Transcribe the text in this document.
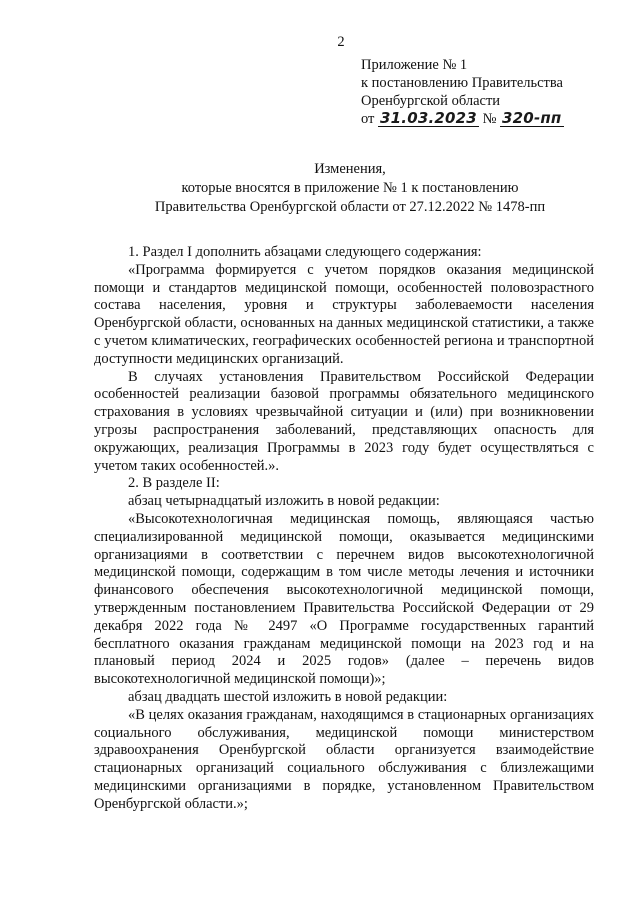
2
Приложение № 1
к постановлению Правительства
Оренбургской области
от 31.03.2023 № 320-пп
Изменения,
которые вносятся в приложение № 1 к постановлению
Правительства Оренбургской области от 27.12.2022 № 1478-пп

1. Раздел I дополнить абзацами следующего содержания:

«Программа формируется с учетом порядков оказания медицинской помощи и стандартов медицинской помощи, особенностей половозрастного состава населения, уровня и структуры заболеваемости населения Оренбургской области, основанных на данных медицинской статистики, а также с учетом климатических, географических особенностей региона и транспортной доступности медицинских организаций.

В случаях установления Правительством Российской Федерации особенностей реализации базовой программы обязательного медицинского страхования в условиях чрезвычайной ситуации и (или) при возникновении угрозы распространения заболеваний, представляющих опасность для окружающих, реализация Программы в 2023 году будет осуществляться с учетом таких особенностей.».

2. В разделе II:

абзац четырнадцатый изложить в новой редакции:

«Высокотехнологичная медицинская помощь, являющаяся частью специализированной медицинской помощи, оказывается медицинскими организациями в соответствии с перечнем видов высокотехнологичной медицинской помощи, содержащим в том числе методы лечения и источники финансового обеспечения высокотехнологичной медицинской помощи, утвержденным постановлением Правительства Российской Федерации от 29 декабря 2022 года № 2497 «О Программе государственных гарантий бесплатного оказания гражданам медицинской помощи на 2023 год и на плановый период 2024 и 2025 годов» (далее – перечень видов высокотехнологичной медицинской помощи)»;

абзац двадцать шестой изложить в новой редакции:

«В целях оказания гражданам, находящимся в стационарных организациях социального обслуживания, медицинской помощи министерством здравоохранения Оренбургской области организуется взаимодействие стационарных организаций социального обслуживания с близлежащими медицинскими организациями в порядке, установленном Правительством Оренбургской области.»;
